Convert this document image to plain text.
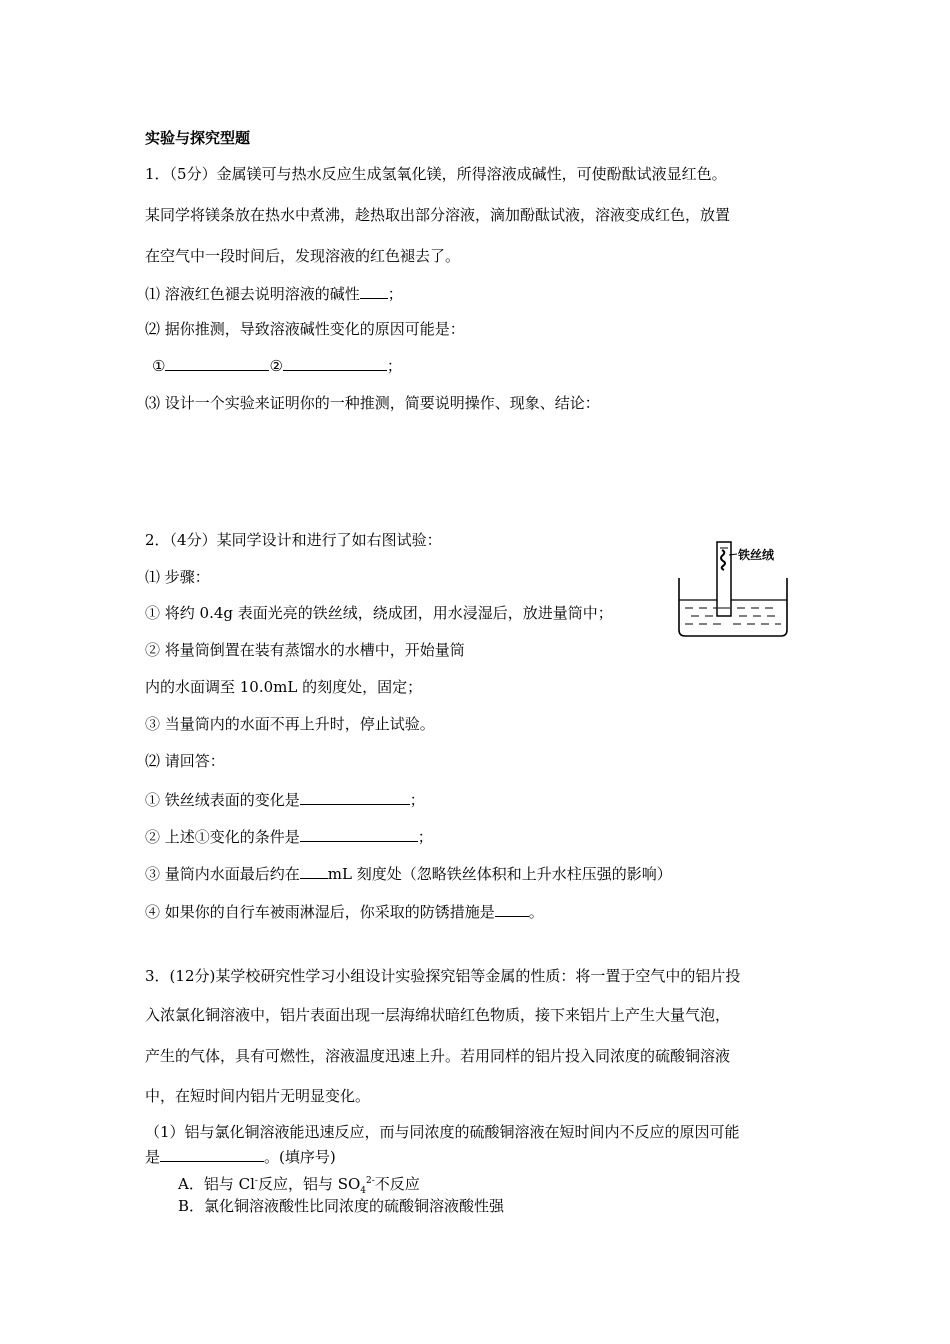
实验与探究型题
1．（5分）金属镁可与热水反应生成氢氧化镁，所得溶液成碱性，可使酚酞试液显红色。
某同学将镁条放在热水中煮沸，趁热取出部分溶液，滴加酚酞试液，溶液变成红色，放置
在空气中一段时间后，发现溶液的红色褪去了。
⑴ 溶液红色褪去说明溶液的碱性 ；
⑵ 据你推测，导致溶液碱性变化的原因可能是：
①	②	；
⑶ 设计一个实验来证明你的一种推测，简要说明操作、现象、结论：
2．（4分）某同学设计和进行了如右图试验：
⑴ 步骤：
① 将约 0.4g 表面光亮的铁丝绒，绕成团，用水浸湿后，放进量筒中；
② 将量筒倒置在装有蒸馏水的水槽中，开始量筒
内的水面调至 10.0mL 的刻度处，固定；
③ 当量筒内的水面不再上升时，停止试验。
⑵ 请回答：
① 铁丝绒表面的变化是	；
② 上述①变化的条件是	；
③ 量筒内水面最后约在 mL 刻度处（忽略铁丝体积和上升水柱压强的影响）
④ 如果你的自行车被雨淋湿后，你采取的防锈措施是 。
铁丝绒
3．(12分)某学校研究性学习小组设计实验探究铝等金属的性质：将一置于空气中的铝片投
入浓氯化铜溶液中，铝片表面出现一层海绵状暗红色物质，接下来铝片上产生大量气泡，
产生的气体，具有可燃性，溶液温度迅速上升。若用同样的铝片投入同浓度的硫酸铜溶液
中，在短时间内铝片无明显变化。
（1）铝与氯化铜溶液能迅速反应，而与同浓度的硫酸铜溶液在短时间内不反应的原因可能
是	。(填序号)
A．铝与 Cl-反应，铝与 $SO_4^{2-}$不反应
B．氯化铜溶液酸性比同浓度的硫酸铜溶液酸性强
